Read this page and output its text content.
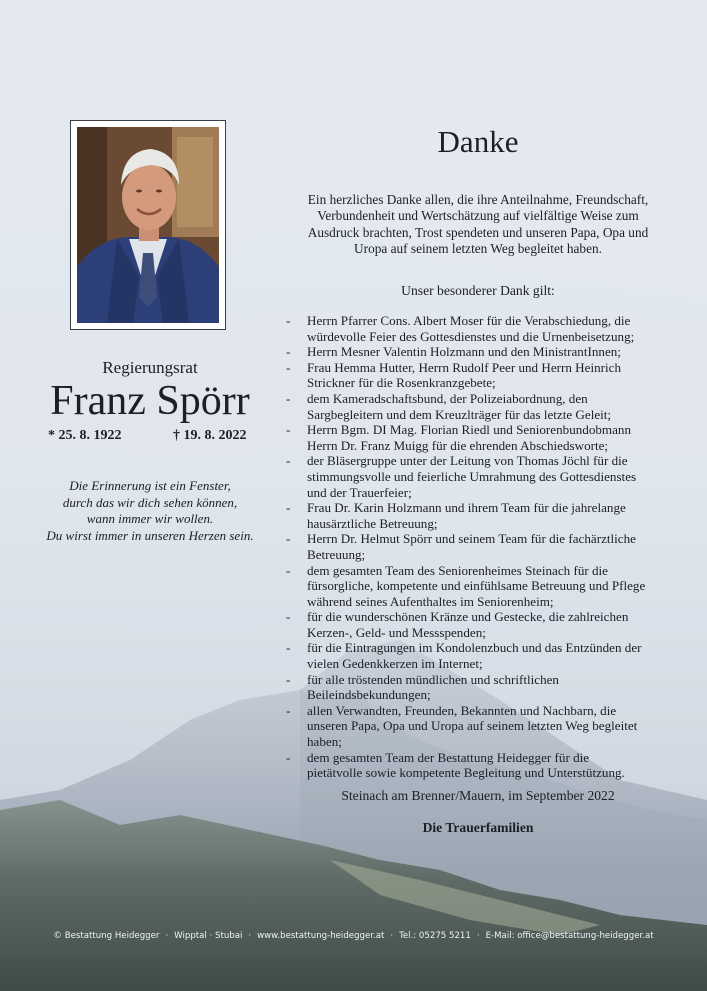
Regierungsrat
Franz Spörr
* 25. 8. 1922	† 19. 8. 2022
Die Erinnerung ist ein Fenster,
durch das wir dich sehen können,
wann immer wir wollen.
Du wirst immer in unseren Herzen sein.
Danke
Ein herzliches Danke allen, die ihre Anteilnahme, Freundschaft,
Verbundenheit und Wertschätzung auf vielfältige Weise zum
Ausdruck brachten, Trost spendeten und unseren Papa, Opa und
Uropa auf seinem letzten Weg begleitet haben.
Unser besonderer Dank gilt:
- Herrn Pfarrer Cons. Albert Moser für die Verabschiedung, die
würdevolle Feier des Gottesdienstes und die Urnenbeisetzung;
- Herrn Mesner Valentin Holzmann und den MinistrantInnen;
- Frau Hemma Hutter, Herrn Rudolf Peer und Herrn Heinrich
Strickner für die Rosenkranzgebete;
- dem Kameradschaftsbund, der Polizeiabordnung, den
Sargbegleitern und dem Kreuzlträger für das letzte Geleit;
- Herrn Bgm. DI Mag. Florian Riedl und Seniorenbundobmann
Herrn Dr. Franz Muigg für die ehrenden Abschiedsworte;
- der Bläsergruppe unter der Leitung von Thomas Jöchl für die
stimmungsvolle und feierliche Umrahmung des Gottesdienstes
und der Trauerfeier;
- Frau Dr. Karin Holzmann und ihrem Team für die jahrelange
hausärztliche Betreuung;
- Herrn Dr. Helmut Spörr und seinem Team für die fachärztliche
Betreuung;
- dem gesamten Team des Seniorenheimes Steinach für die
fürsorgliche, kompetente und einfühlsame Betreuung und Pflege
während seines Aufenthaltes im Seniorenheim;
- für die wunderschönen Kränze und Gestecke, die zahlreichen
Kerzen-, Geld- und Messspenden;
- für die Eintragungen im Kondolenzbuch und das Entzünden der
vielen Gedenkkerzen im Internet;
- für alle tröstenden mündlichen und schriftlichen
Beileindsbekundungen;
- allen Verwandten, Freunden, Bekannten und Nachbarn, die
unseren Papa, Opa und Uropa auf seinem letzten Weg begleitet
haben;
- dem gesamten Team der Bestattung Heidegger für die
pietätvolle sowie kompetente Begleitung und Unterstützung.
Steinach am Brenner/Mauern, im September 2022
Die Trauerfamilien
© Bestattung Heidegger · Wipptal · Stubai · www.bestattung-heidegger.at · Tel.: 05275 5211 · E-Mail: office@bestattung-heidegger.at
